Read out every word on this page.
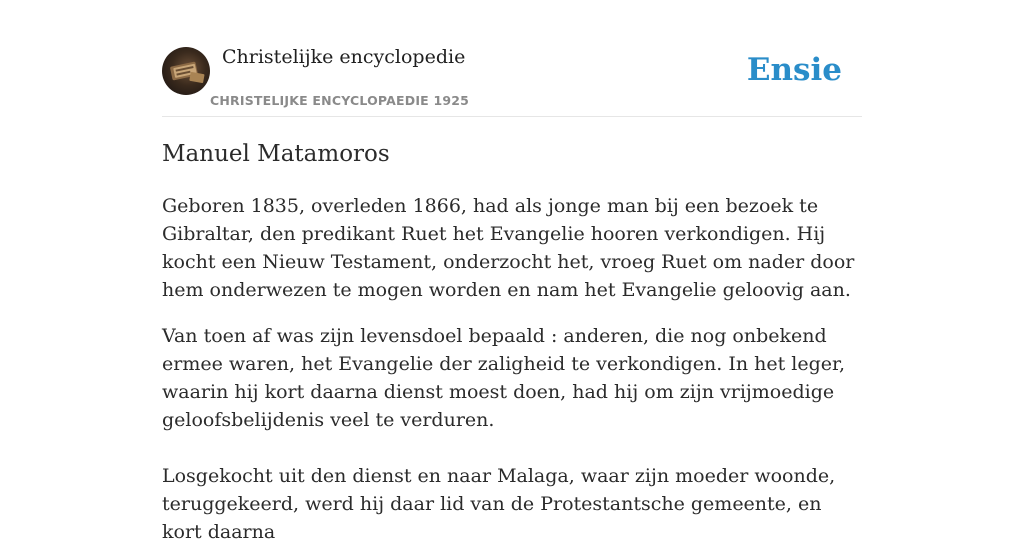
Christelijke encyclopedie
CHRISTELIJKE ENCYCLOPAEDIE 1925
Ensie
Manuel Matamoros

Geboren 1835, overleden 1866, had als jonge man bij een bezoek te Gibraltar, den predikant Ruet het Evangelie hooren verkondigen. Hij kocht een Nieuw Testament, onderzocht het, vroeg Ruet om nader door hem onderwezen te mogen worden en nam het Evangelie geloovig aan.

Van toen af was zijn levensdoel bepaald : anderen, die nog onbekend ermee waren, het Evangelie der zaligheid te verkondigen. In het leger, waarin hij kort daarna dienst moest doen, had hij om zijn vrijmoedige geloofsbelijdenis veel te verduren.

Losgekocht uit den dienst en naar Malaga, waar zijn moeder woonde, teruggekeerd, werd hij daar lid van de Protestantsche gemeente, en kort daarna
